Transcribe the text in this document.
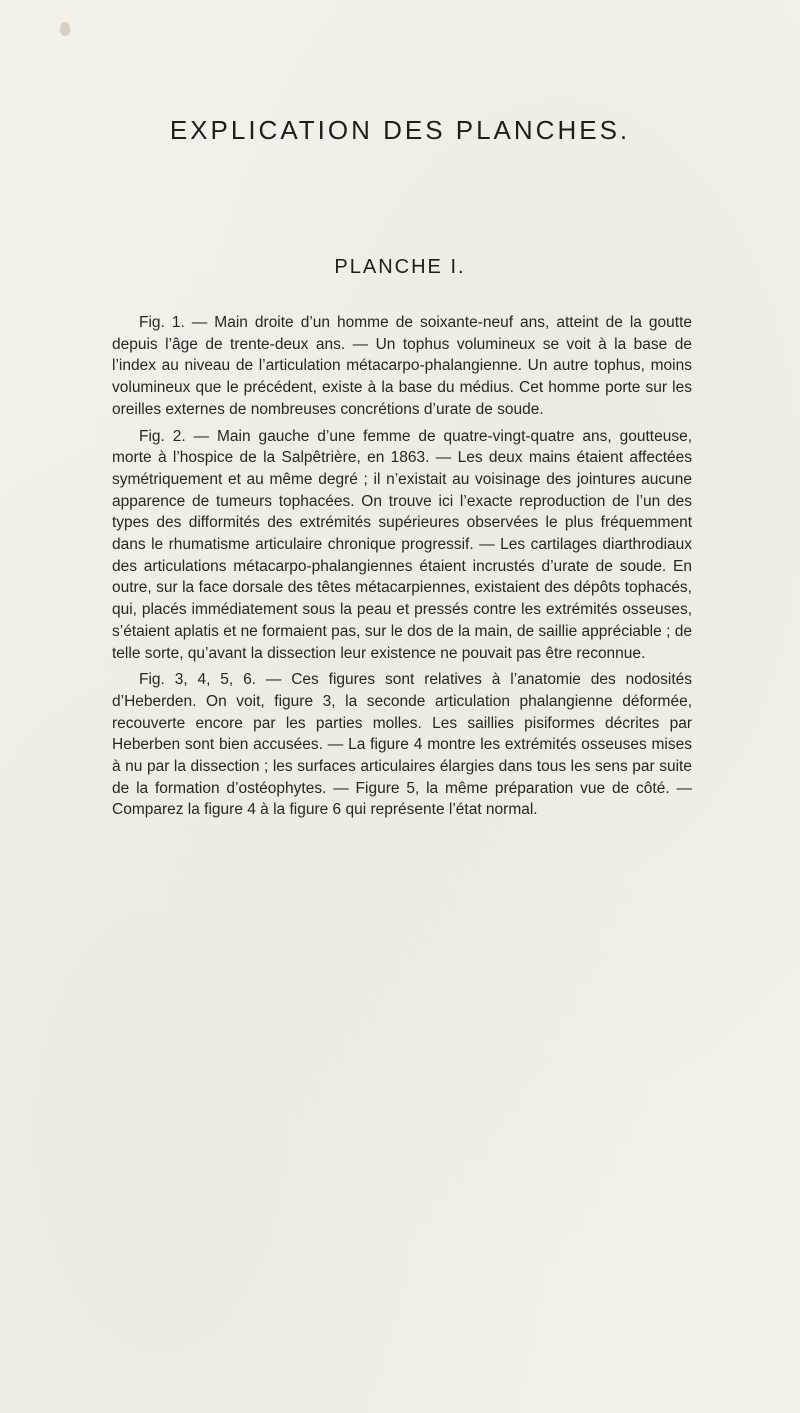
EXPLICATION DES PLANCHES.
PLANCHE I.

Fig. 1. — Main droite d’un homme de soixante-neuf ans, atteint de la goutte depuis l’âge de trente-deux ans. — Un tophus volumineux se voit à la base de l’index au niveau de l’articulation métacarpo-phalangienne. Un autre tophus, moins volumineux que le précédent, existe à la base du médius. Cet homme porte sur les oreilles externes de nombreuses concrétions d’urate de soude.

Fig. 2. — Main gauche d’une femme de quatre-vingt-quatre ans, goutteuse, morte à l’hospice de la Salpêtrière, en 1863. — Les deux mains étaient affectées symétriquement et au même degré ; il n’existait au voisinage des jointures aucune apparence de tumeurs tophacées. On trouve ici l’exacte reproduction de l’un des types des difformités des extrémités supérieures observées le plus fréquemment dans le rhumatisme articulaire chronique progressif. — Les cartilages diarthrodiaux des articulations métacarpo-phalangiennes étaient incrustés d’urate de soude. En outre, sur la face dorsale des têtes métacarpiennes, existaient des dépôts tophacés, qui, placés immédiatement sous la peau et pressés contre les extrémités osseuses, s’étaient aplatis et ne formaient pas, sur le dos de la main, de saillie appréciable ; de telle sorte, qu’avant la dissection leur existence ne pouvait pas être reconnue.

Fig. 3, 4, 5, 6. — Ces figures sont relatives à l’anatomie des nodosités d’Heberden. On voit, figure 3, la seconde articulation phalangienne déformée, recouverte encore par les parties molles. Les saillies pisiformes décrites par Heberben sont bien accusées. — La figure 4 montre les extrémités osseuses mises à nu par la dissection ; les surfaces articulaires élargies dans tous les sens par suite de la formation d’ostéophytes. — Figure 5, la même préparation vue de côté. — Comparez la figure 4 à la figure 6 qui représente l’état normal.
